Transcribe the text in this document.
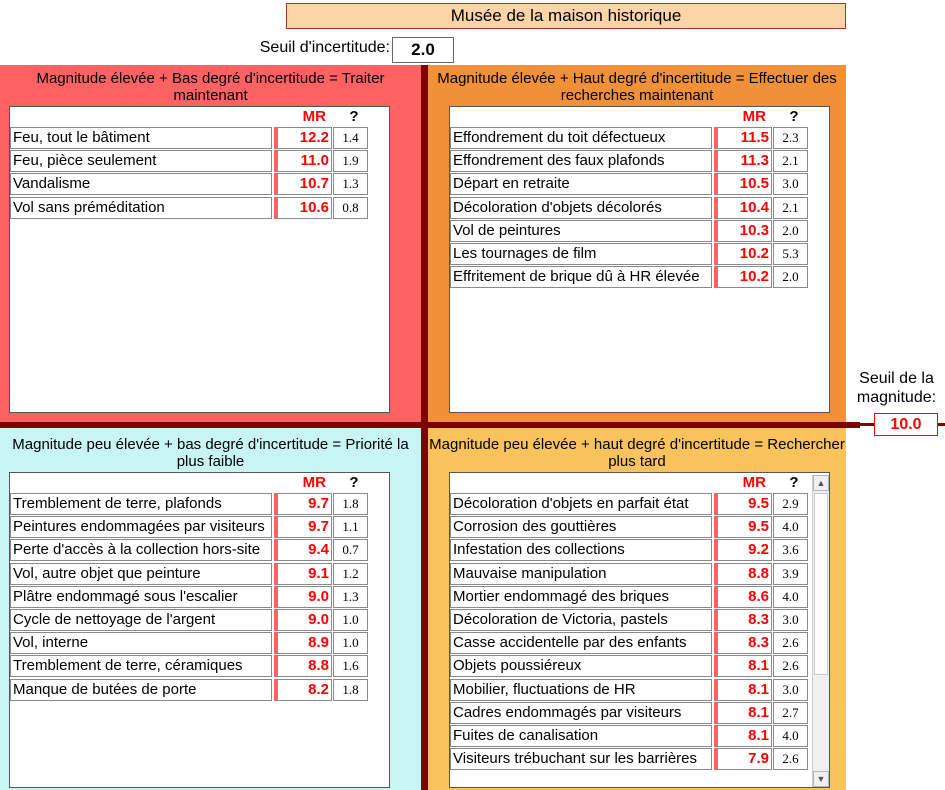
Musée de la maison historique
Seuil d'incertitude:	2.0
Magnitude élevée + Bas degré d'incertitude = Traiter maintenant
MR	?
Feu, tout le bâtiment	12.2	1.4
Feu, pièce seulement	11.0	1.9
Vandalisme	10.7	1.3
Vol sans préméditation	10.6	0.8
Magnitude élevée + Haut degré d'incertitude = Effectuer des recherches maintenant
MR	?
Effondrement du toit défectueux	11.5	2.3
Effondrement des faux plafonds	11.3	2.1
Départ en retraite	10.5	3.0
Décoloration d'objets décolorés	10.4	2.1
Vol de peintures	10.3	2.0
Les tournages de film	10.2	5.3
Effritement de brique dû à HR élevée	10.2	2.0
Magnitude peu élevée + bas degré d'incertitude = Priorité la plus faible
MR	?
Tremblement de terre, plafonds	9.7	1.8
Peintures endommagées par visiteurs	9.7	1.1
Perte d'accès à la collection hors-site	9.4	0.7
Vol, autre objet que peinture	9.1	1.2
Plâtre endommagé sous l'escalier	9.0	1.3
Cycle de nettoyage de l'argent	9.0	1.0
Vol, interne	8.9	1.0
Tremblement de terre, céramiques	8.8	1.6
Manque de butées de porte	8.2	1.8
Magnitude peu élevée + haut degré d'incertitude = Rechercher plus tard
MR	?
Décoloration d'objets en parfait état	9.5	2.9
Corrosion des gouttières	9.5	4.0
Infestation des collections	9.2	3.6
Mauvaise manipulation	8.8	3.9
Mortier endommagé des briques	8.6	4.0
Décoloration de Victoria, pastels	8.3	3.0
Casse accidentelle par des enfants	8.3	2.6
Objets poussiéreux	8.1	2.6
Mobilier, fluctuations de HR	8.1	3.0
Cadres endommagés par visiteurs	8.1	2.7
Fuites de canalisation	8.1	4.0
Visiteurs trébuchant sur les barrières	7.9	2.6
▲
▼
Seuil de la magnitude:
10.0
